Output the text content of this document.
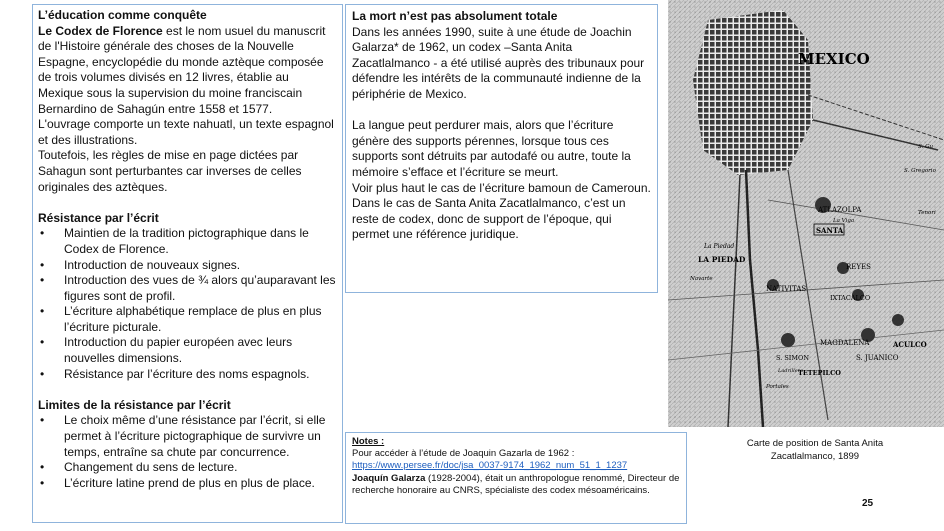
L’éducation comme conquête

Le Codex de Florence est le nom usuel du manuscrit de l'Histoire générale des choses de la Nouvelle Espagne, encyclopédie du monde aztèque composée de trois volumes divisés en 12 livres, établie au Mexique sous la supervision du moine franciscain Bernardino de Sahagún entre 1558 et 1577.

L'ouvrage comporte un texte nahuatl, un texte espagnol et des illustrations.

Toutefois, les règles de mise en page dictées par Sahagun sont perturbantes car inverses de celles originales des aztèques.

Résistance par l’écrit

• Maintien de la tradition pictographique dans le Codex de Florence.
• Introduction de nouveaux signes.
• Introduction des vues de ¾ alors qu’auparavant les figures sont de profil.
• L’écriture alphabétique remplace de plus en plus l’écriture picturale.
• Introduction du papier européen avec leurs nouvelles dimensions.
• Résistance par l’écriture des noms espagnols.

Limites de la résistance par l’écrit

• Le choix même d’une résistance par l’écrit, si elle permet à l’écriture pictographique de survivre un temps, entraîne sa chute par concurrence.
• Changement du sens de lecture.
• L’écriture latine prend de plus en plus de place.

La mort n’est pas absolument totale

Dans les années 1990, suite à une étude de Joachin Galarza* de 1962, un codex –Santa Anita Zacatlalmanco - a été utilisé auprès des tribunaux pour défendre les intérêts de la communauté indienne de la périphérie de Mexico.

La langue peut perdurer mais, alors que l’écriture génère des supports pérennes, lorsque tous ces supports sont détruits par autodafé ou autre, toute la mémoire s’efface et l’écriture se meurt.

Voir plus haut le cas de l’écriture bamoun de Cameroun.

Dans le cas de Santa Anita Zacatlalmanco, c’est un reste de codex, donc de support de l’époque, qui permet une référence juridique.

Notes :

Pour accéder à l’étude de Joaquin Gazarla de 1962 :

https://www.persee.fr/doc/jsa_0037-9174_1962_num_51_1_1237

Joaquín Galarza (1928-2004), était un anthropologue renommé, Directeur de recherche honoraire au CNRS, spécialiste des codex mésoaméricains.

MEXICO
ATLAZOLPA
La Viga
SANTA
La Piedad
LA PIEDAD
REYES
NATIVITAS
IXTACALCO
MAGDALENA
S. JUANICO
ACULCO
S. SIMON
TETEPILCO
Portales
Ladrillera
Navarte
S. Gregorio
Tenori
S. Gu
Carte de position de Santa Anita
Zacatlalmanco, 1899
25
